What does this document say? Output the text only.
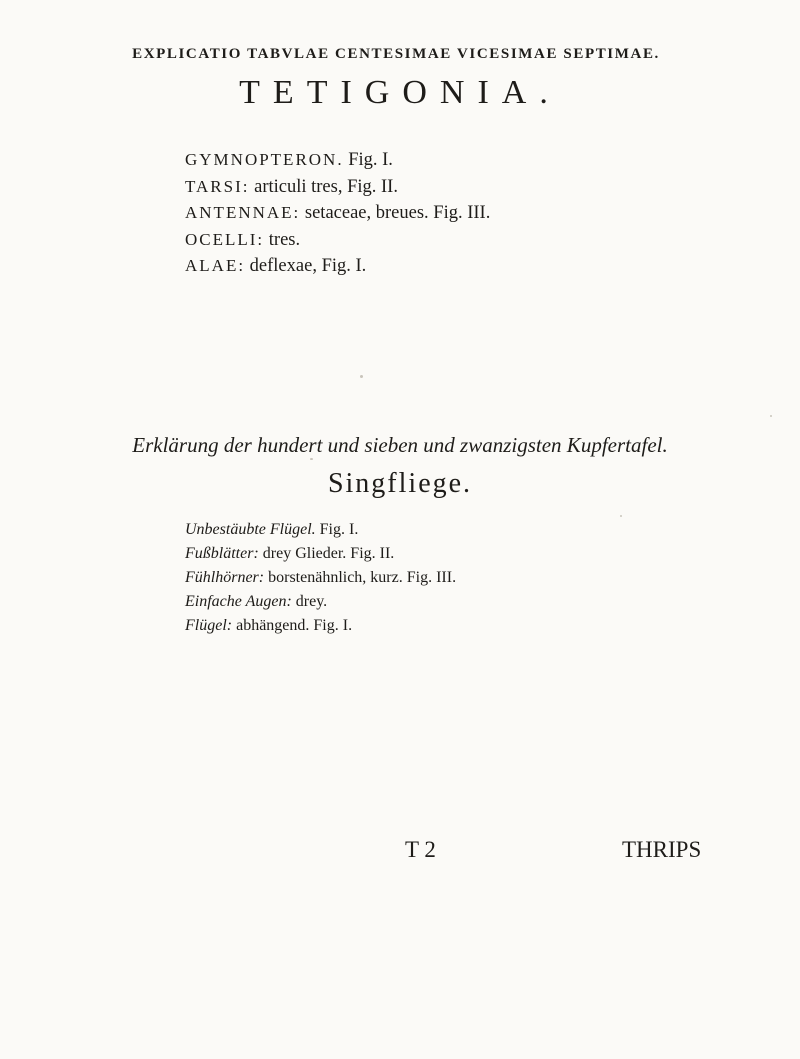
EXPLICATIO TABVLAE CENTESIMAE VICESIMAE SEPTIMAE.
TETIGONIA.
GYMNOPTERON. Fig. I.
TARSI: articuli tres, Fig. II.
ANTENNAE: setaceae, breues. Fig. III.
OCELLI: tres.
ALAE: deflexae, Fig. I.
Erklärung der hundert und sieben und zwanzigsten Kupfertafel.
Singfliege.
Unbestäubte Flügel. Fig. I.
Fußblätter: drey Glieder. Fig. II.
Fühlhörner: borstenähnlich, kurz. Fig. III.
Einfache Augen: drey.
Flügel: abhängend. Fig. I.
T 2	THRIPS
